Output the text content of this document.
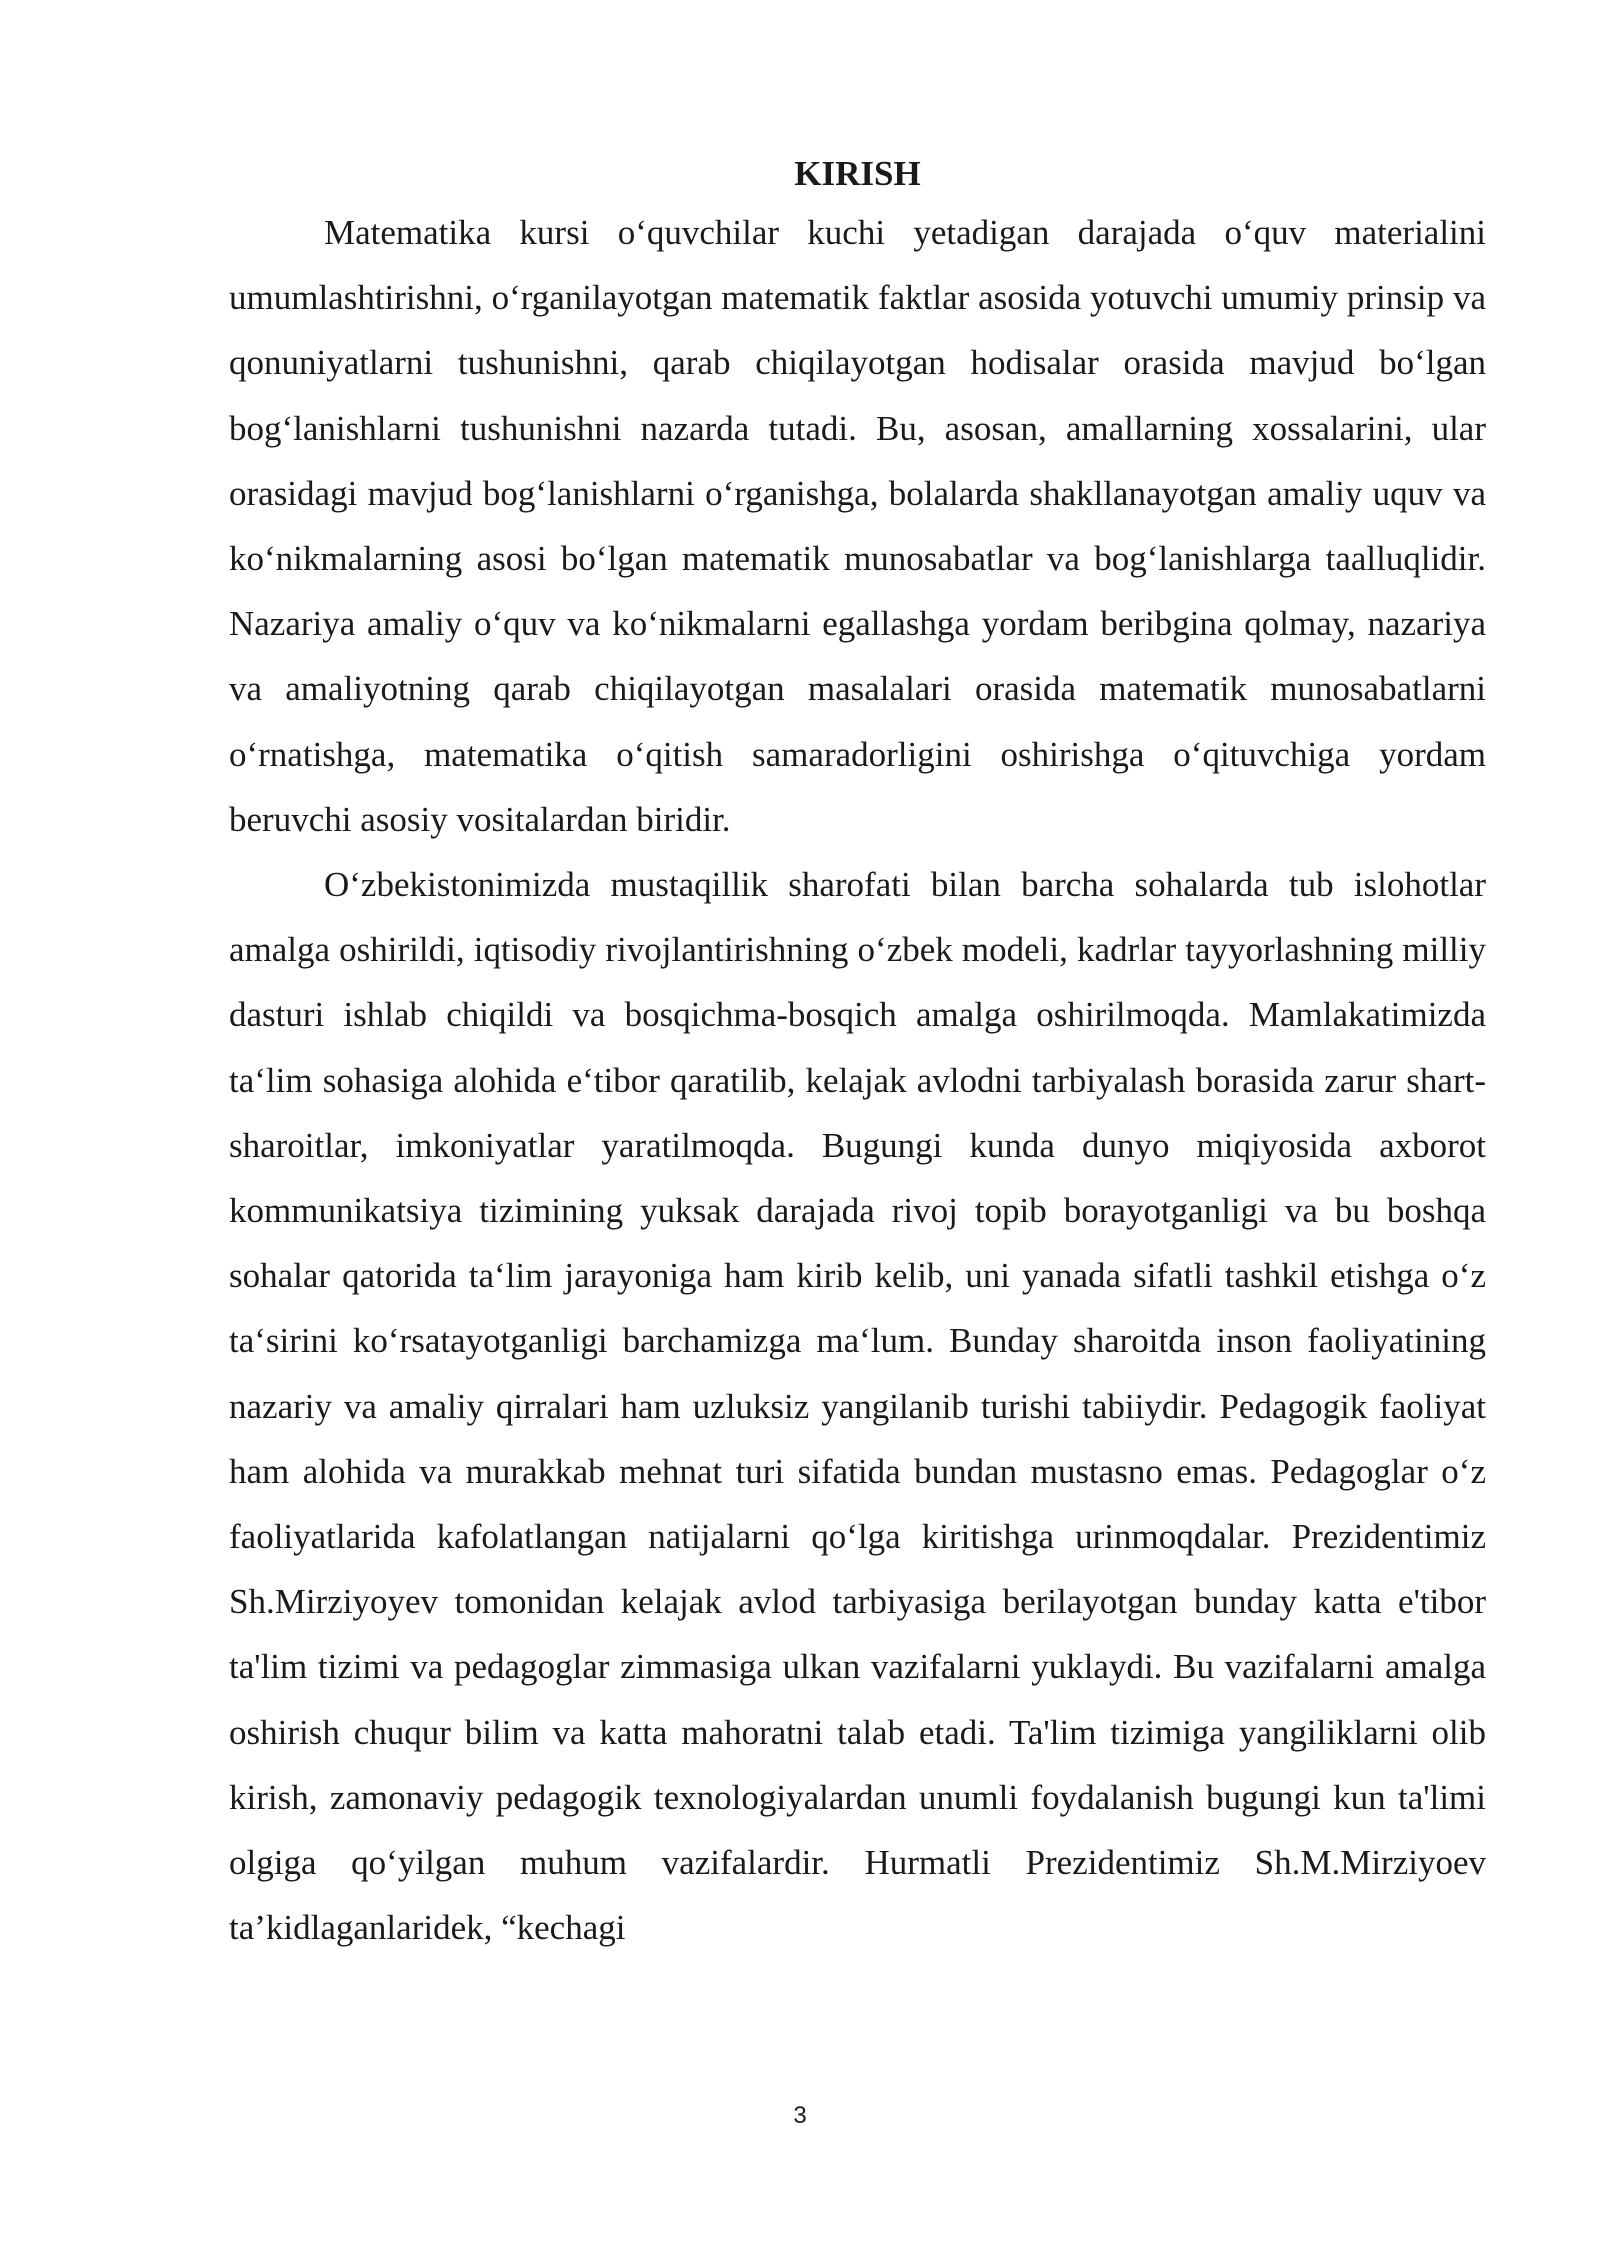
KIRISH

Matematika kursi o‘quvchilar kuchi yetadigan darajada o‘quv materialini umumlashtirishni, o‘rganilayotgan matematik faktlar asosida yotuvchi umumiy prinsip va qonuniyatlarni tushunishni, qarab chiqilayotgan hodisalar orasida mavjud bo‘lgan bog‘lanishlarni tushunishni nazarda tutadi. Bu, asosan, amallarning xossalarini, ular orasidagi mavjud bog‘lanishlarni o‘rganishga, bolalarda shakllanayotgan amaliy uquv va ko‘nikmalarning asosi bo‘lgan matematik munosabatlar va bog‘lanishlarga taalluqlidir. Nazariya amaliy o‘quv va ko‘nikmalarni egallashga yordam beribgina qolmay, nazariya va amaliyotning qarab chiqilayotgan masalalari orasida matematik munosabatlarni o‘rnatishga, matematika o‘qitish samaradorligini oshirishga o‘qituvchiga yordam beruvchi asosiy vositalardan biridir.

O‘zbekistonimizda mustaqillik sharofati bilan barcha sohalarda tub islohotlar amalga oshirildi, iqtisodiy rivojlantirishning o‘zbek modeli, kadrlar tayyorlashning milliy dasturi ishlab chiqildi va bosqichma-bosqich amalga oshirilmoqda. Mamlakatimizda ta‘lim sohasiga alohida e‘tibor qaratilib, kelajak avlodni tarbiyalash borasida zarur shart-sharoitlar, imkoniyatlar yaratilmoqda. Bugungi kunda dunyo miqiyosida axborot kommunikatsiya tizimining yuksak darajada rivoj topib borayotganligi va bu boshqa sohalar qatorida ta‘lim jarayoniga ham kirib kelib, uni yanada sifatli tashkil etishga o‘z ta‘sirini ko‘rsatayotganligi barchamizga ma‘lum. Bunday sharoitda inson faoliyatining nazariy va amaliy qirralari ham uzluksiz yangilanib turishi tabiiydir. Pedagogik faoliyat ham alohida va murakkab mehnat turi sifatida bundan mustasno emas. Pedagoglar o‘z faoliyatlarida kafolatlangan natijalarni qo‘lga kiritishga urinmoqdalar. Prezidentimiz Sh.Mirziyoyev tomonidan kelajak avlod tarbiyasiga berilayotgan bunday katta e'tibor ta'lim tizimi va pedagoglar zimmasiga ulkan vazifalarni yuklaydi. Bu vazifalarni amalga oshirish chuqur bilim va katta mahoratni talab etadi. Ta'lim tizimiga yangiliklarni olib kirish, zamonaviy pedagogik texnologiyalardan unumli foydalanish bugungi kun ta'limi olgiga qo‘yilgan muhum vazifalardir. Hurmatli Prezidentimiz Sh.M.Mirziyoev ta’kidlaganlaridek, “kechagi

3
